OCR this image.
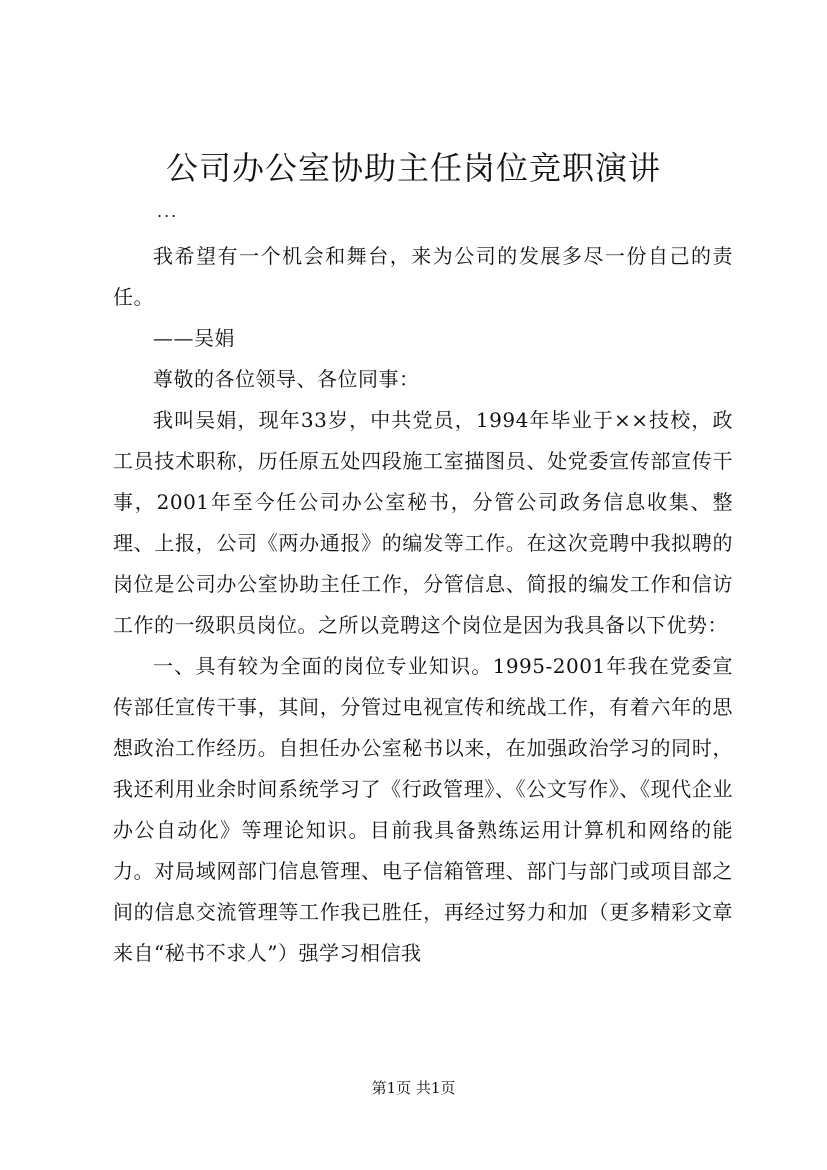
公司办公室协助主任岗位竞职演讲
...

我希望有一个机会和舞台，来为公司的发展多尽一份自己的责任。

——吴娟

尊敬的各位领导、各位同事：

我叫吴娟，现年33岁，中共党员，1994年毕业于××技校，政工员技术职称，历任原五处四段施工室描图员、处党委宣传部宣传干事，2001年至今任公司办公室秘书，分管公司政务信息收集、整理、上报，公司《两办通报》的编发等工作。在这次竞聘中我拟聘的岗位是公司办公室协助主任工作，分管信息、简报的编发工作和信访工作的一级职员岗位。之所以竞聘这个岗位是因为我具备以下优势：

一、具有较为全面的岗位专业知识。1995-2001年我在党委宣传部任宣传干事，其间，分管过电视宣传和统战工作，有着六年的思想政治工作经历。自担任办公室秘书以来，在加强政治学习的同时，我还利用业余时间系统学习了《行政管理》、《公文写作》、《现代企业办公自动化》等理论知识。目前我具备熟练运用计算机和网络的能力。对局域网部门信息管理、电子信箱管理、部门与部门或项目部之间的信息交流管理等工作我已胜任，再经过努力和加（更多精彩文章来自“秘书不求人”）强学习相信我

第1页 共1页
